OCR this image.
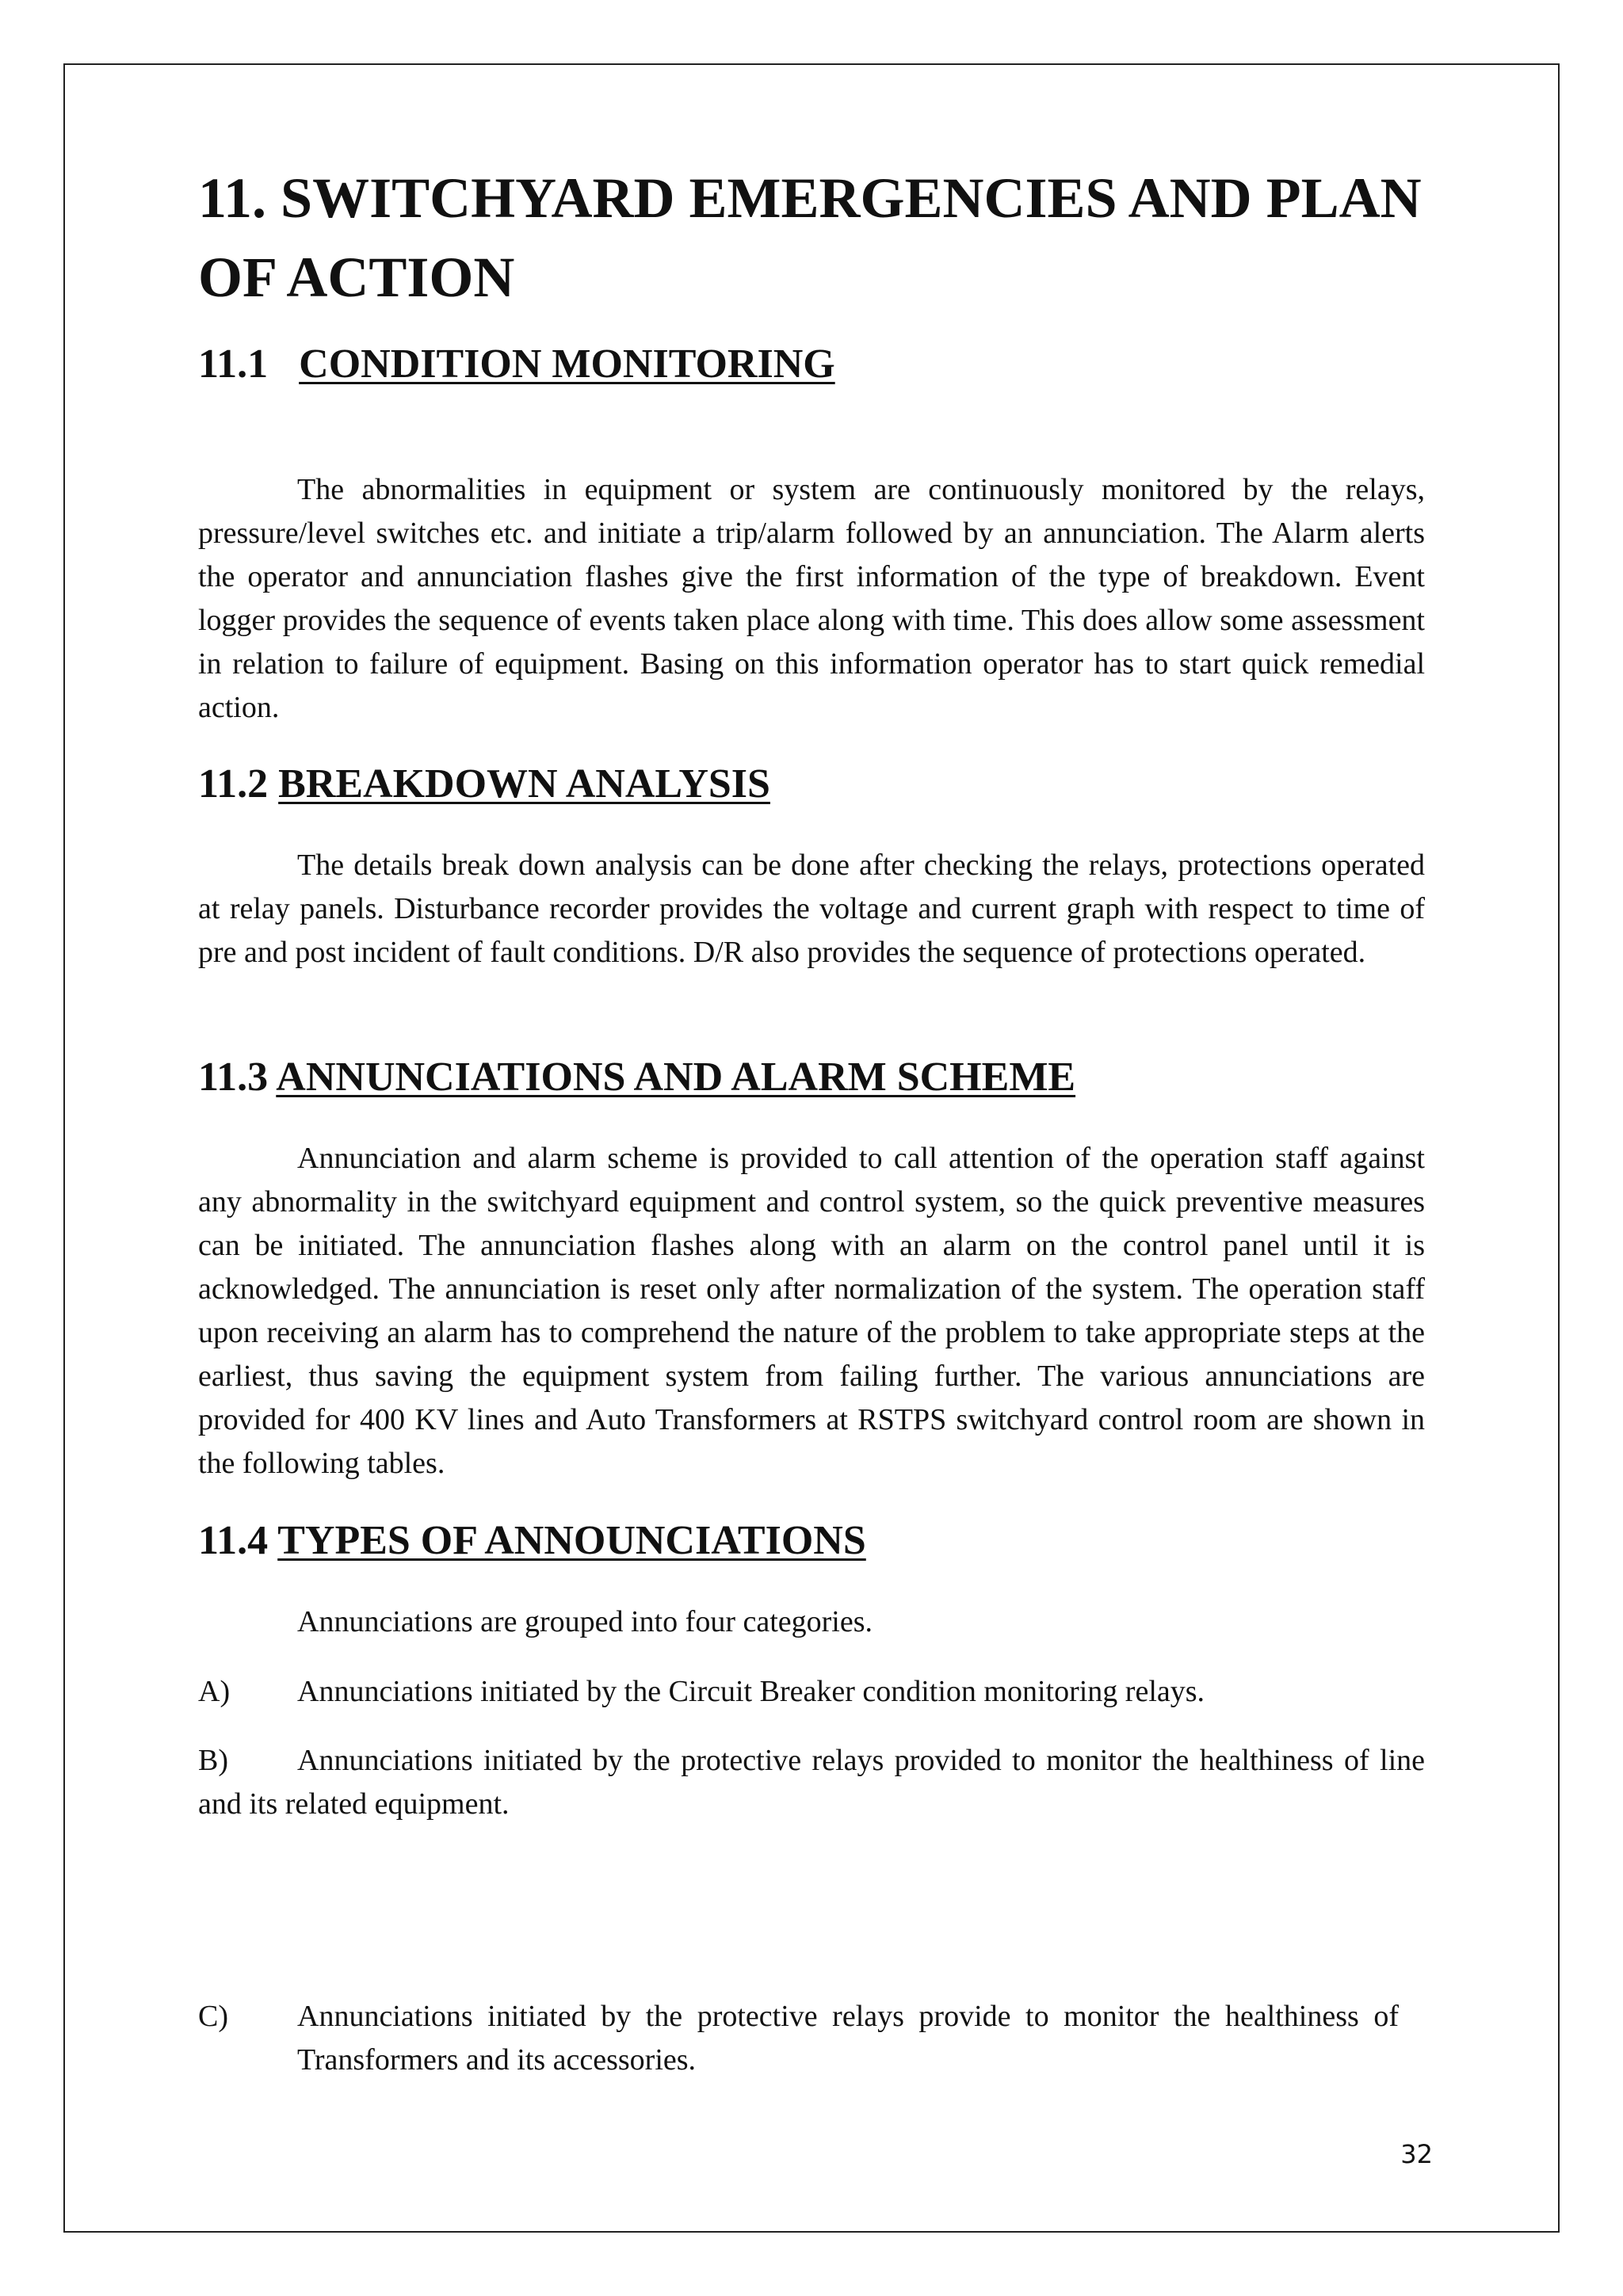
11. SWITCHYARD EMERGENCIES AND PLAN OF ACTION
11.1 CONDITION MONITORING

The abnormalities in equipment or system are continuously monitored by the relays, pressure/level switches etc. and initiate a trip/alarm followed by an annunciation. The Alarm alerts the operator and annunciation flashes give the first information of the type of breakdown. Event logger provides the sequence of events taken place along with time. This does allow some assessment in relation to failure of equipment. Basing on this information operator has to start quick remedial action.

11.2 BREAKDOWN ANALYSIS

The details break down analysis can be done after checking the relays, protections operated at relay panels. Disturbance recorder provides the voltage and current graph with respect to time of pre and post incident of fault conditions. D/R also provides the sequence of protections operated.

11.3 ANNUNCIATIONS AND ALARM SCHEME

Annunciation and alarm scheme is provided to call attention of the operation staff against any abnormality in the switchyard equipment and control system, so the quick preventive measures can be initiated. The annunciation flashes along with an alarm on the control panel until it is acknowledged. The annunciation is reset only after normalization of the system. The operation staff upon receiving an alarm has to comprehend the nature of the problem to take appropriate steps at the earliest, thus saving the equipment system from failing further. The various annunciations are provided for 400 KV lines and Auto Transformers at RSTPS switchyard control room are shown in the following tables.

11.4 TYPES OF ANNOUNCIATIONS

Annunciations are grouped into four categories.

A) Annunciations initiated by the Circuit Breaker condition monitoring relays.

B) Annunciations initiated by the protective relays provided to monitor the healthiness of line and its related equipment.

C) Annunciations initiated by the protective relays provide to monitor the healthiness of Transformers and its accessories.
32
